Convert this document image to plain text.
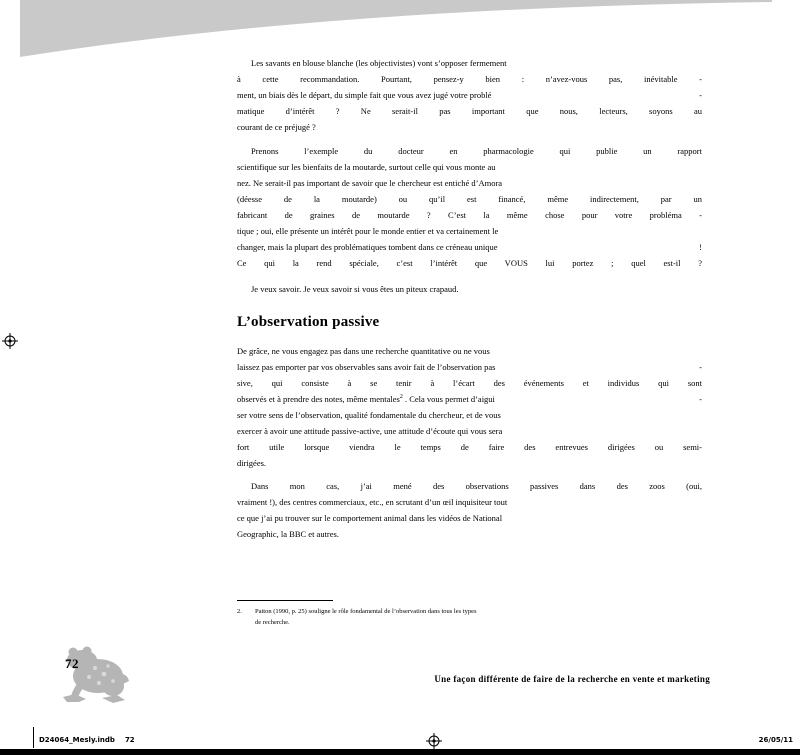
Les savants en blouse blanche (les objectivistes) vont s’opposer fermement
à cette recommandation. Pourtant, pensez-y bien : n’avez-vous pas, inévitable -
ment, un biais dès le départ, du simple fait que vous avez jugé votre problé	-
matique d’intérêt ? Ne serait-il pas important que nous, lecteurs, soyons au
courant de ce préjugé ?
Prenons l’exemple du docteur en pharmacologie qui publie un rapport
scientifique sur les bienfaits de la moutarde, surtout celle qui vous monte au
nez. Ne serait-il pas important de savoir que le chercheur est entiché d’Amora
(déesse de la moutarde) ou qu’il est financé, même indirectement, par un
fabricant de graines de moutarde ? C’est la même chose pour votre probléma -
tique ; oui, elle présente un intérêt pour le monde entier et va certainement le
changer, mais la plupart des problématiques tombent dans ce créneau unique	!
Ce qui la rend spéciale, c’est l’intérêt que VOUS lui portez ; quel est-il ?
Je veux savoir. Je veux savoir si vous êtes un piteux crapaud.
L’observation passive
De grâce, ne vous engagez pas dans une recherche quantitative ou ne vous
laissez pas emporter par vos observables sans avoir fait de l’observation pas	-
sive, qui consiste à se tenir à l’écart des événements et individus qui sont
observés et à prendre des notes, même mentales$^2$ . Cela vous permet d’aigui	-
ser votre sens de l’observation, qualité fondamentale du chercheur, et de vous
exercer à avoir une attitude passive-active, une attitude d’écoute qui vous sera
fort utile lorsque viendra le temps de faire des entrevues dirigées ou semi-
dirigées.
Dans mon cas, j’ai mené des observations passives dans des zoos (oui,
vraiment !), des centres commerciaux, etc., en scrutant d’un œil inquisiteur tout
ce que j’ai pu trouver sur le comportement animal dans les vidéos de National
Geographic, la BBC et autres.
2.	Patton (1990, p. 25) souligne le rôle fondamental de l’observation dans tous les types
de recherche.
72
Une façon différente de faire de la recherche en vente et marketing
D24064_Mesly.indb 72	26/05/11
